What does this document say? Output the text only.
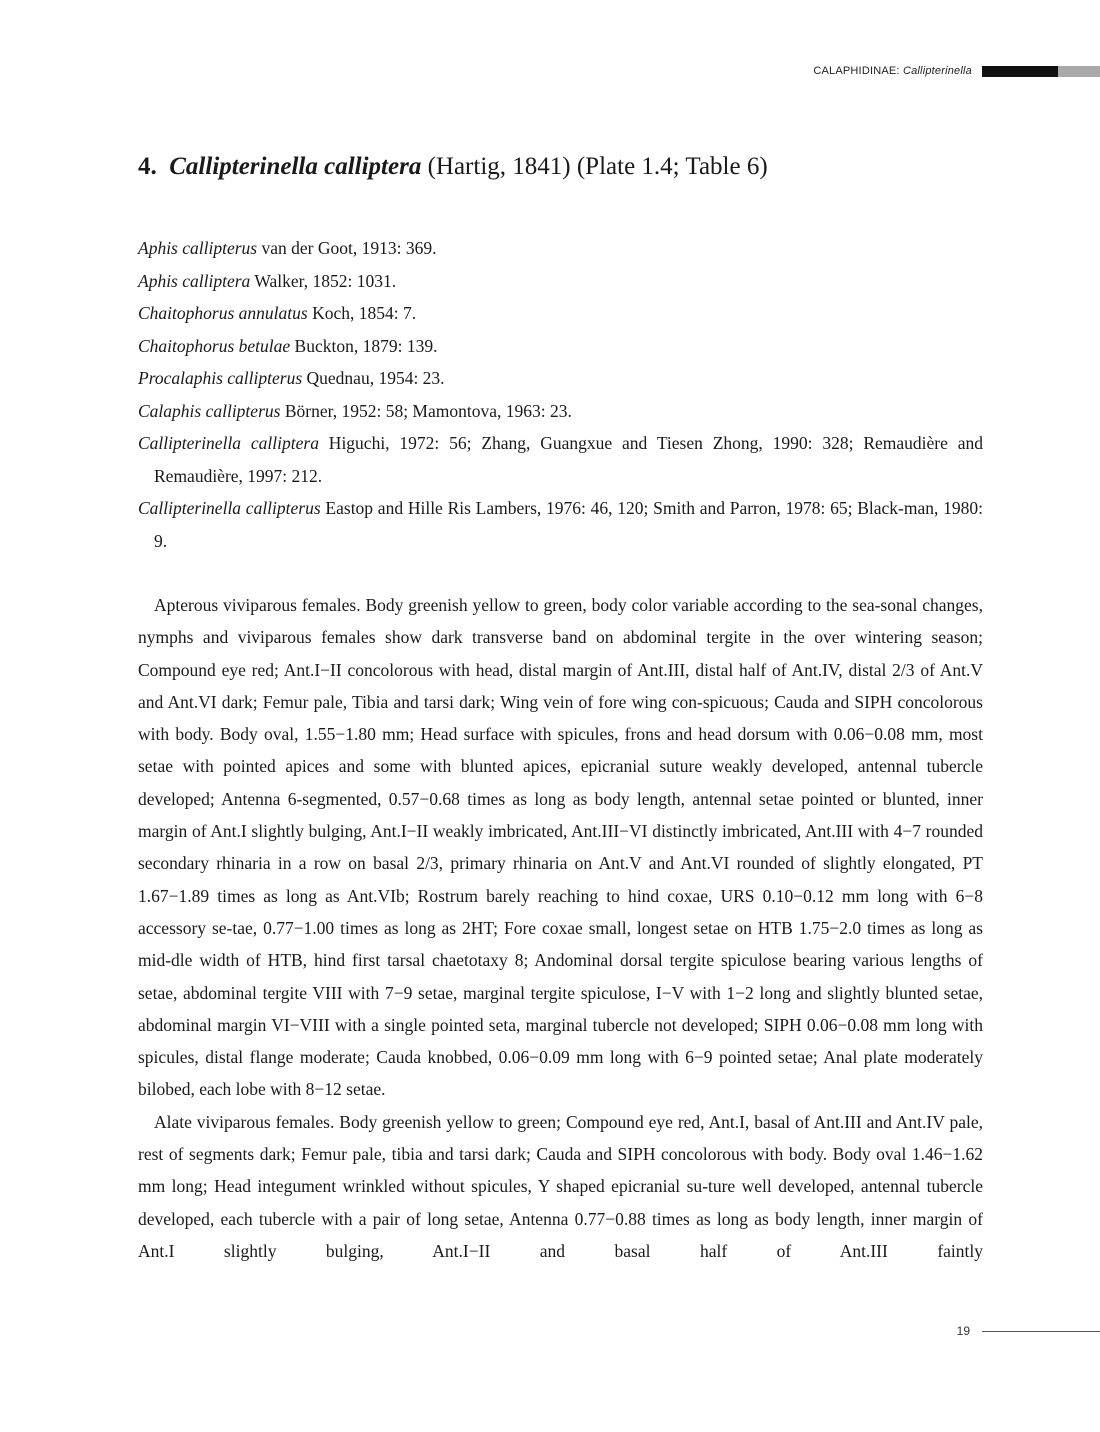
CALAPHIDINAE: Callipterinella
4. Callipterinella calliptera (Hartig, 1841) (Plate 1.4; Table 6)
Aphis callipterus van der Goot, 1913: 369.
Aphis calliptera Walker, 1852: 1031.
Chaitophorus annulatus Koch, 1854: 7.
Chaitophorus betulae Buckton, 1879: 139.
Procalaphis callipterus Quednau, 1954: 23.
Calaphis callipterus Börner, 1952: 58; Mamontova, 1963: 23.
Callipterinella calliptera Higuchi, 1972: 56; Zhang, Guangxue and Tiesen Zhong, 1990: 328; Remaudière and Remaudière, 1997: 212.
Callipterinella callipterus Eastop and Hille Ris Lambers, 1976: 46, 120; Smith and Parron, 1978: 65; Black-man, 1980: 9.

Apterous viviparous females. Body greenish yellow to green, body color variable according to the sea-sonal changes, nymphs and viviparous females show dark transverse band on abdominal tergite in the over wintering season; Compound eye red; Ant.I−II concolorous with head, distal margin of Ant.III, distal half of Ant.IV, distal 2/3 of Ant.V and Ant.VI dark; Femur pale, Tibia and tarsi dark; Wing vein of fore wing con-spicuous; Cauda and SIPH concolorous with body. Body oval, 1.55−1.80 mm; Head surface with spicules, frons and head dorsum with 0.06−0.08 mm, most setae with pointed apices and some with blunted apices, epicranial suture weakly developed, antennal tubercle developed; Antenna 6-segmented, 0.57−0.68 times as long as body length, antennal setae pointed or blunted, inner margin of Ant.I slightly bulging, Ant.I−II weakly imbricated, Ant.III−VI distinctly imbricated, Ant.III with 4−7 rounded secondary rhinaria in a row on basal 2/3, primary rhinaria on Ant.V and Ant.VI rounded of slightly elongated, PT 1.67−1.89 times as long as Ant.VIb; Rostrum barely reaching to hind coxae, URS 0.10−0.12 mm long with 6−8 accessory se-tae, 0.77−1.00 times as long as 2HT; Fore coxae small, longest setae on HTB 1.75−2.0 times as long as mid-dle width of HTB, hind first tarsal chaetotaxy 8; Andominal dorsal tergite spiculose bearing various lengths of setae, abdominal tergite VIII with 7−9 setae, marginal tergite spiculose, I−V with 1−2 long and slightly blunted setae, abdominal margin VI−VIII with a single pointed seta, marginal tubercle not developed; SIPH 0.06−0.08 mm long with spicules, distal flange moderate; Cauda knobbed, 0.06−0.09 mm long with 6−9 pointed setae; Anal plate moderately bilobed, each lobe with 8−12 setae.

Alate viviparous females. Body greenish yellow to green; Compound eye red, Ant.I, basal of Ant.III and Ant.IV pale, rest of segments dark; Femur pale, tibia and tarsi dark; Cauda and SIPH concolorous with body. Body oval 1.46−1.62 mm long; Head integument wrinkled without spicules, Y shaped epicranial su-ture well developed, antennal tubercle developed, each tubercle with a pair of long setae, Antenna 0.77−0.88 times as long as body length, inner margin of Ant.I slightly bulging, Ant.I−II and basal half of Ant.III faintly

19
